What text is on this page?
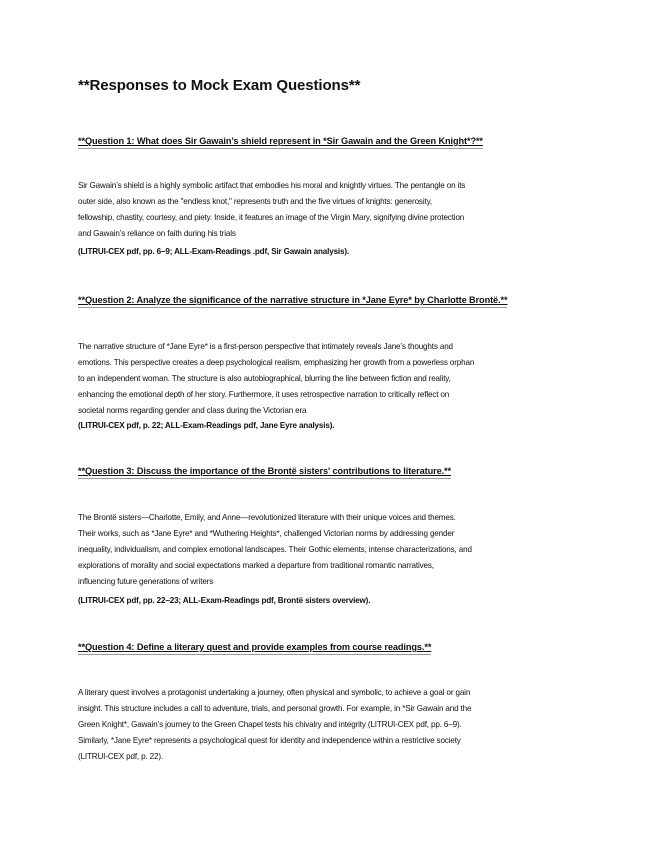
**Responses to Mock Exam Questions**
**Question 1: What does Sir Gawain’s shield represent in *Sir Gawain and the Green Knight*?**
Sir Gawain’s shield is a highly symbolic artifact that embodies his moral and knightly virtues. The pentangle on its
outer side, also known as the "endless knot," represents truth and the five virtues of knights: generosity,
fellowship, chastity, courtesy, and piety. Inside, it features an image of the Virgin Mary, signifying divine protection
and Gawain’s reliance on faith during his trials
(LITRUI-CEX pdf, pp. 6–9; ALL-Exam-Readings .pdf, Sir Gawain analysis).
**Question 2: Analyze the significance of the narrative structure in *Jane Eyre* by Charlotte Brontë.**
The narrative structure of *Jane Eyre* is a first-person perspective that intimately reveals Jane’s thoughts and
emotions. This perspective creates a deep psychological realism, emphasizing her growth from a powerless orphan
to an independent woman. The structure is also autobiographical, blurring the line between fiction and reality,
enhancing the emotional depth of her story. Furthermore, it uses retrospective narration to critically reflect on
societal norms regarding gender and class during the Victorian era
(LITRUI-CEX pdf, p. 22; ALL-Exam-Readings pdf, Jane Eyre analysis).
**Question 3: Discuss the importance of the Brontë sisters' contributions to literature.**
The Brontë sisters—Charlotte, Emily, and Anne—revolutionized literature with their unique voices and themes.
Their works, such as *Jane Eyre* and *Wuthering Heights*, challenged Victorian norms by addressing gender
inequality, individualism, and complex emotional landscapes. Their Gothic elements, intense characterizations, and
explorations of morality and social expectations marked a departure from traditional romantic narratives,
influencing future generations of writers
(LITRUI-CEX pdf, pp. 22–23; ALL-Exam-Readings pdf, Brontë sisters overview).
**Question 4: Define a literary quest and provide examples from course readings.**
A literary quest involves a protagonist undertaking a journey, often physical and symbolic, to achieve a goal or gain
insight. This structure includes a call to adventure, trials, and personal growth. For example, in *Sir Gawain and the
Green Knight*, Gawain’s journey to the Green Chapel tests his chivalry and integrity (LITRUI-CEX pdf, pp. 6–9).
Similarly, *Jane Eyre* represents a psychological quest for identity and independence within a restrictive society
(LITRUI-CEX pdf, p. 22).
